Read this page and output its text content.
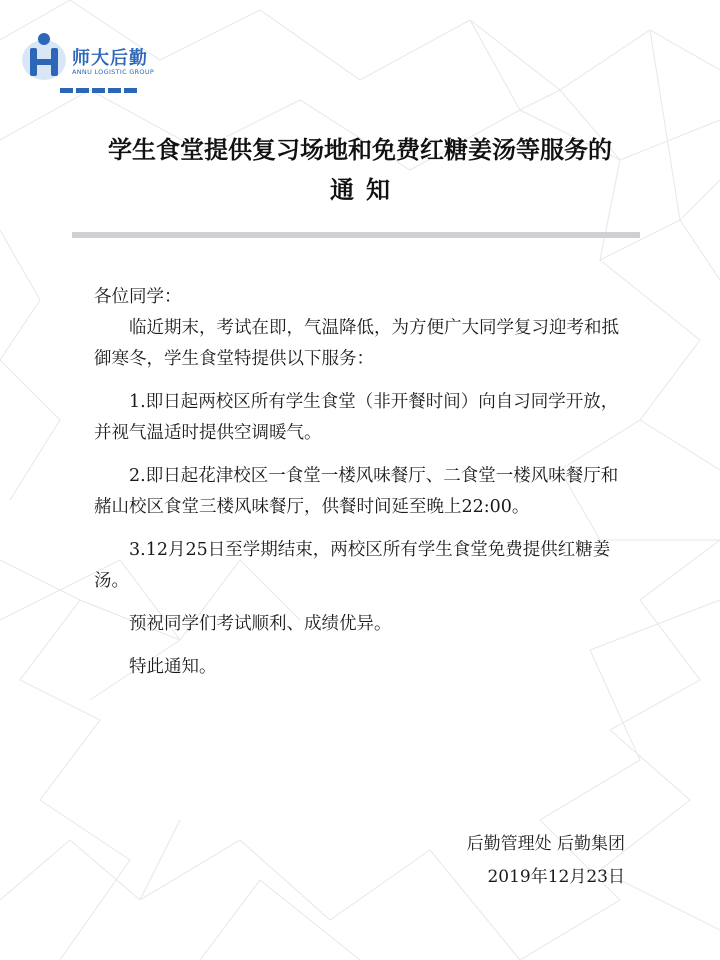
师大后勤
ANNU LOGISTIC GROUP
学生食堂提供复习场地和免费红糖姜汤等服务的
通知

各位同学：

临近期末，考试在即，气温降低，为方便广大同学复习迎考和抵御寒冬，学生食堂特提供以下服务：

1.即日起两校区所有学生食堂（非开餐时间）向自习同学开放，并视气温适时提供空调暖气。

2.即日起花津校区一食堂一楼风味餐厅、二食堂一楼风味餐厅和赭山校区食堂三楼风味餐厅，供餐时间延至晚上22:00。

3.12月25日至学期结束，两校区所有学生食堂免费提供红糖姜汤。

预祝同学们考试顺利、成绩优异。

特此通知。

后勤管理处 后勤集团
2019年12月23日
